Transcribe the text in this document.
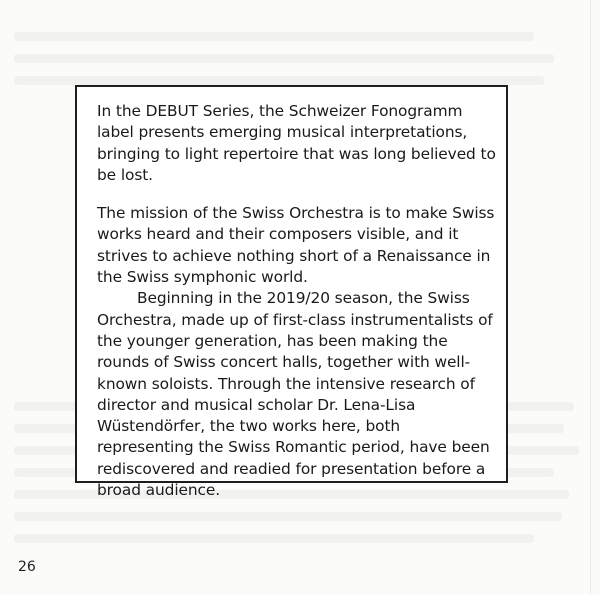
In the DEBUT Series, the Schweizer Fonogramm label presents emerging musical interpretations, bringing to light repertoire that was long believed to be lost.

The mission of the Swiss Orchestra is to make Swiss works heard and their composers visible, and it strives to achieve nothing short of a Renaissance in the Swiss symphonic world.

Beginning in the 2019/20 season, the Swiss Orchestra, made up of first-class instrumentalists of the younger generation, has been making the rounds of Swiss concert halls, together with well-known soloists. Through the intensive research of director and musical scholar Dr. Lena-Lisa Wüstendörfer, the two works here, both representing the Swiss Romantic period, have been rediscovered and readied for presentation before a broad audience.

26
